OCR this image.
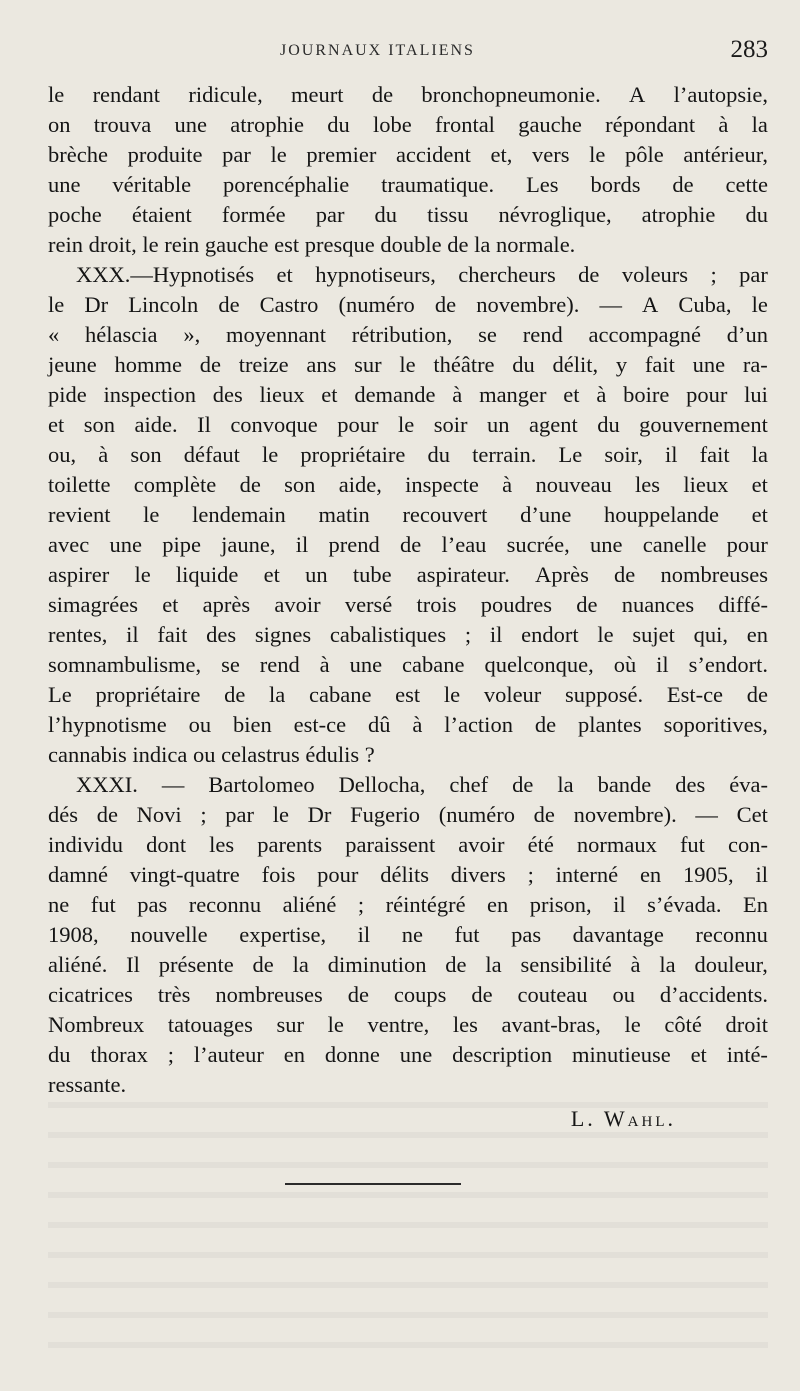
JOURNAUX ITALIENS	283
le rendant ridicule, meurt de bronchopneumonie. A l’autopsie,
on trouva une atrophie du lobe frontal gauche répondant à la
brèche produite par le premier accident et, vers le pôle antérieur,
une véritable porencéphalie traumatique. Les bords de cette
poche étaient formée par du tissu névroglique, atrophie du
rein droit, le rein gauche est presque double de la normale.
XXX.—Hypnotisés et hypnotiseurs, chercheurs de voleurs ; par
le Dr Lincoln de Castro (numéro de novembre). — A Cuba, le
« hélascia », moyennant rétribution, se rend accompagné d’un
jeune homme de treize ans sur le théâtre du délit, y fait une ra-
pide inspection des lieux et demande à manger et à boire pour lui
et son aide. Il convoque pour le soir un agent du gouvernement
ou, à son défaut le propriétaire du terrain. Le soir, il fait la
toilette complète de son aide, inspecte à nouveau les lieux et
revient le lendemain matin recouvert d’une houppelande et
avec une pipe jaune, il prend de l’eau sucrée, une canelle pour
aspirer le liquide et un tube aspirateur. Après de nombreuses
simagrées et après avoir versé trois poudres de nuances diffé-
rentes, il fait des signes cabalistiques ; il endort le sujet qui, en
somnambulisme, se rend à une cabane quelconque, où il s’endort.
Le propriétaire de la cabane est le voleur supposé. Est-ce de
l’hypnotisme ou bien est-ce dû à l’action de plantes soporitives,
cannabis indica ou celastrus édulis ?
XXXI. — Bartolomeo Dellocha, chef de la bande des éva-
dés de Novi ; par le Dr Fugerio (numéro de novembre). — Cet
individu dont les parents paraissent avoir été normaux fut con-
damné vingt-quatre fois pour délits divers ; interné en 1905, il
ne fut pas reconnu aliéné ; réintégré en prison, il s’évada. En
1908, nouvelle expertise, il ne fut pas davantage reconnu
aliéné. Il présente de la diminution de la sensibilité à la douleur,
cicatrices très nombreuses de coups de couteau ou d’accidents.
Nombreux tatouages sur le ventre, les avant-bras, le côté droit
du thorax ; l’auteur en donne une description minutieuse et inté-
ressante.
L. Wahl.
